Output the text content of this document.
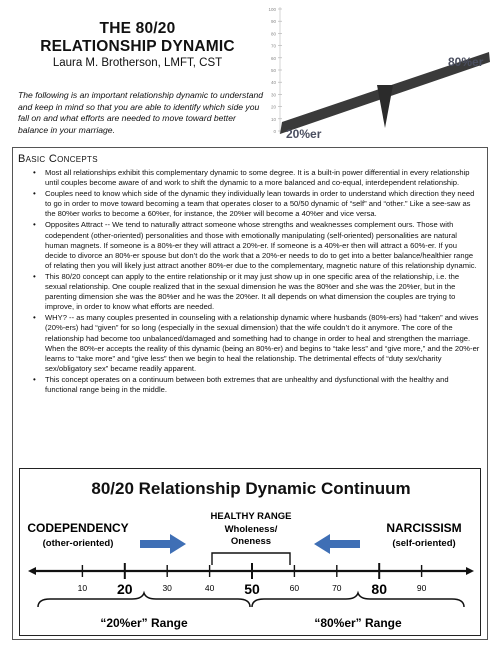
THE 80/20
RELATIONSHIP DYNAMIC
Laura M. Brotherson, LMFT, CST
The following is an important relationship dynamic to understand and keep in mind so that you are able to identify which side you fall on and what efforts are needed to move toward better balance in your marriage.
100
90
80
70
60
50
40
30
20
10
0
80%er
20%er
Basic Concepts
• Most all relationships exhibit this complementary dynamic to some degree. It is a built-in power differential in every relationship until couples become aware of and work to shift the dynamic to a more balanced and co-equal, interdependent relationship.
• Couples need to know which side of the dynamic they individually lean towards in order to understand which direction they need to go in order to move toward becoming a team that operates closer to a 50/50 dynamic of “self” and “other.” Like a see-saw as the 80%er works to become a 60%er, for instance, the 20%er will become a 40%er and vice versa.
• Opposites Attract -- We tend to naturally attract someone whose strengths and weaknesses complement ours. Those with codependent (other-oriented) personalities and those with emotionally manipulating (self-oriented) personalities are natural human magnets. If someone is a 80%-er they will attract a 20%-er. If someone is a 40%-er then will attract a 60%-er. If you decide to divorce an 80%-er spouse but don’t do the work that a 20%-er needs to do to get into a better balance/healthier range of relating then you will likely just attract another 80%-er due to the complementary, magnetic nature of this relationship dynamic.
• This 80/20 concept can apply to the entire relationship or it may just show up in one specific area of the relationship, i.e. the sexual relationship. One couple realized that in the sexual dimension he was the 80%er and she was the 20%er, but in the parenting dimension she was the 80%er and he was the 20%er. It all depends on what dimension the couples are trying to improve, in order to know what efforts are needed.
• WHY? -- as many couples presented in counseling with a relationship dynamic where husbands (80%-ers) had “taken” and wives (20%-ers) had “given” for so long (especially in the sexual dimension) that the wife couldn’t do it anymore. The core of the relationship had become too unbalanced/damaged and something had to change in order to heal and strengthen the marriage. When the 80%-er accepts the reality of this dynamic (being an 80%-er) and begins to “take less” and “give more,” and the 20%-er learns to “take more” and “give less” then we begin to heal the relationship. The detrimental effects of “duty sex/charity sex/obligatory sex” became readily apparent.
• This concept operates on a continuum between both extremes that are unhealthy and dysfunctional with the healthy and functional range being in the middle.
80/20 Relationship Dynamic Continuum
CODEPENDENCY
(other-oriented)
NARCISSISM
(self-oriented)
HEALTHY RANGE
Wholeness/
Oneness
10 20	30	40 50	60	70 80	90
“20%er” Range	“80%er” Range
